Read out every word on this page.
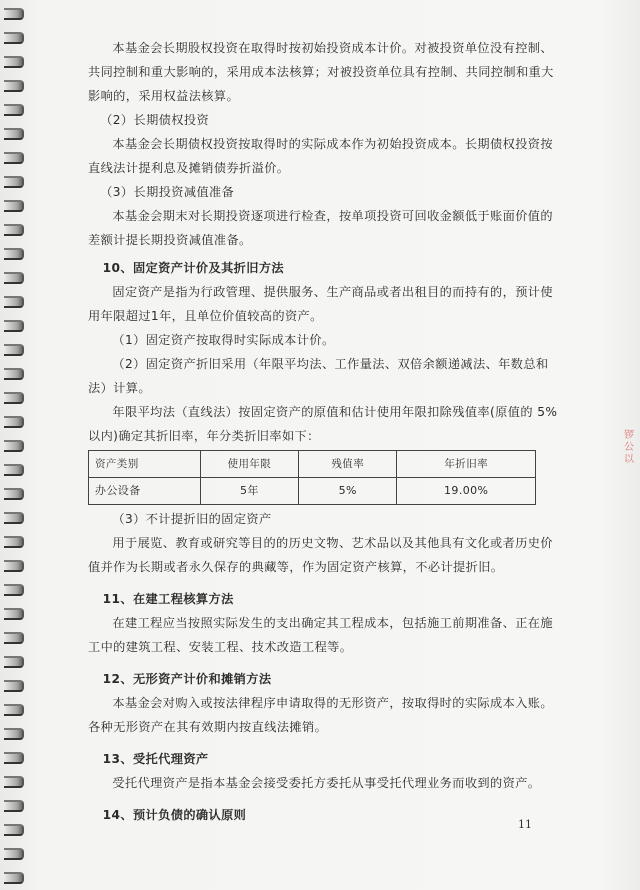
本基金会长期股权投资在取得时按初始投资成本计价。对被投资单位没有控制、共同控制和重大影响的，采用成本法核算；对被投资单位具有控制、共同控制和重大影响的，采用权益法核算。

（2）长期债权投资

本基金会长期债权投资按取得时的实际成本作为初始投资成本。长期债权投资按直线法计提利息及摊销债券折溢价。

（3）长期投资减值准备

本基金会期末对长期投资逐项进行检查，按单项投资可回收金额低于账面价值的差额计提长期投资减值准备。

10、固定资产计价及其折旧方法

固定资产是指为行政管理、提供服务、生产商品或者出租目的而持有的，预计使用年限超过1年，且单位价值较高的资产。

（1）固定资产按取得时实际成本计价。

（2）固定资产折旧采用（年限平均法、工作量法、双倍余额递减法、年数总和法）计算。

年限平均法（直线法）按固定资产的原值和估计使用年限扣除残值率(原值的 5%以内)确定其折旧率，年分类折旧率如下：

资产类别	使用年限	残值率	年折旧率
办公设备	5年	5%	19.00%

（3）不计提折旧的固定资产

用于展览、教育或研究等目的的历史文物、艺术品以及其他具有文化或者历史价值并作为长期或者永久保存的典藏等，作为固定资产核算，不必计提折旧。

11、在建工程核算方法

在建工程应当按照实际发生的支出确定其工程成本，包括施工前期准备、正在施工中的建筑工程、安装工程、技术改造工程等。

12、无形资产计价和摊销方法

本基金会对购入或按法律程序申请取得的无形资产，按取得时的实际成本入账。各种无形资产在其有效期内按直线法摊销。

13、受托代理资产

受托代理资产是指本基金会接受委托方委托从事受托代理业务而收到的资产。

14、预计负债的确认原则

锣公以
11
